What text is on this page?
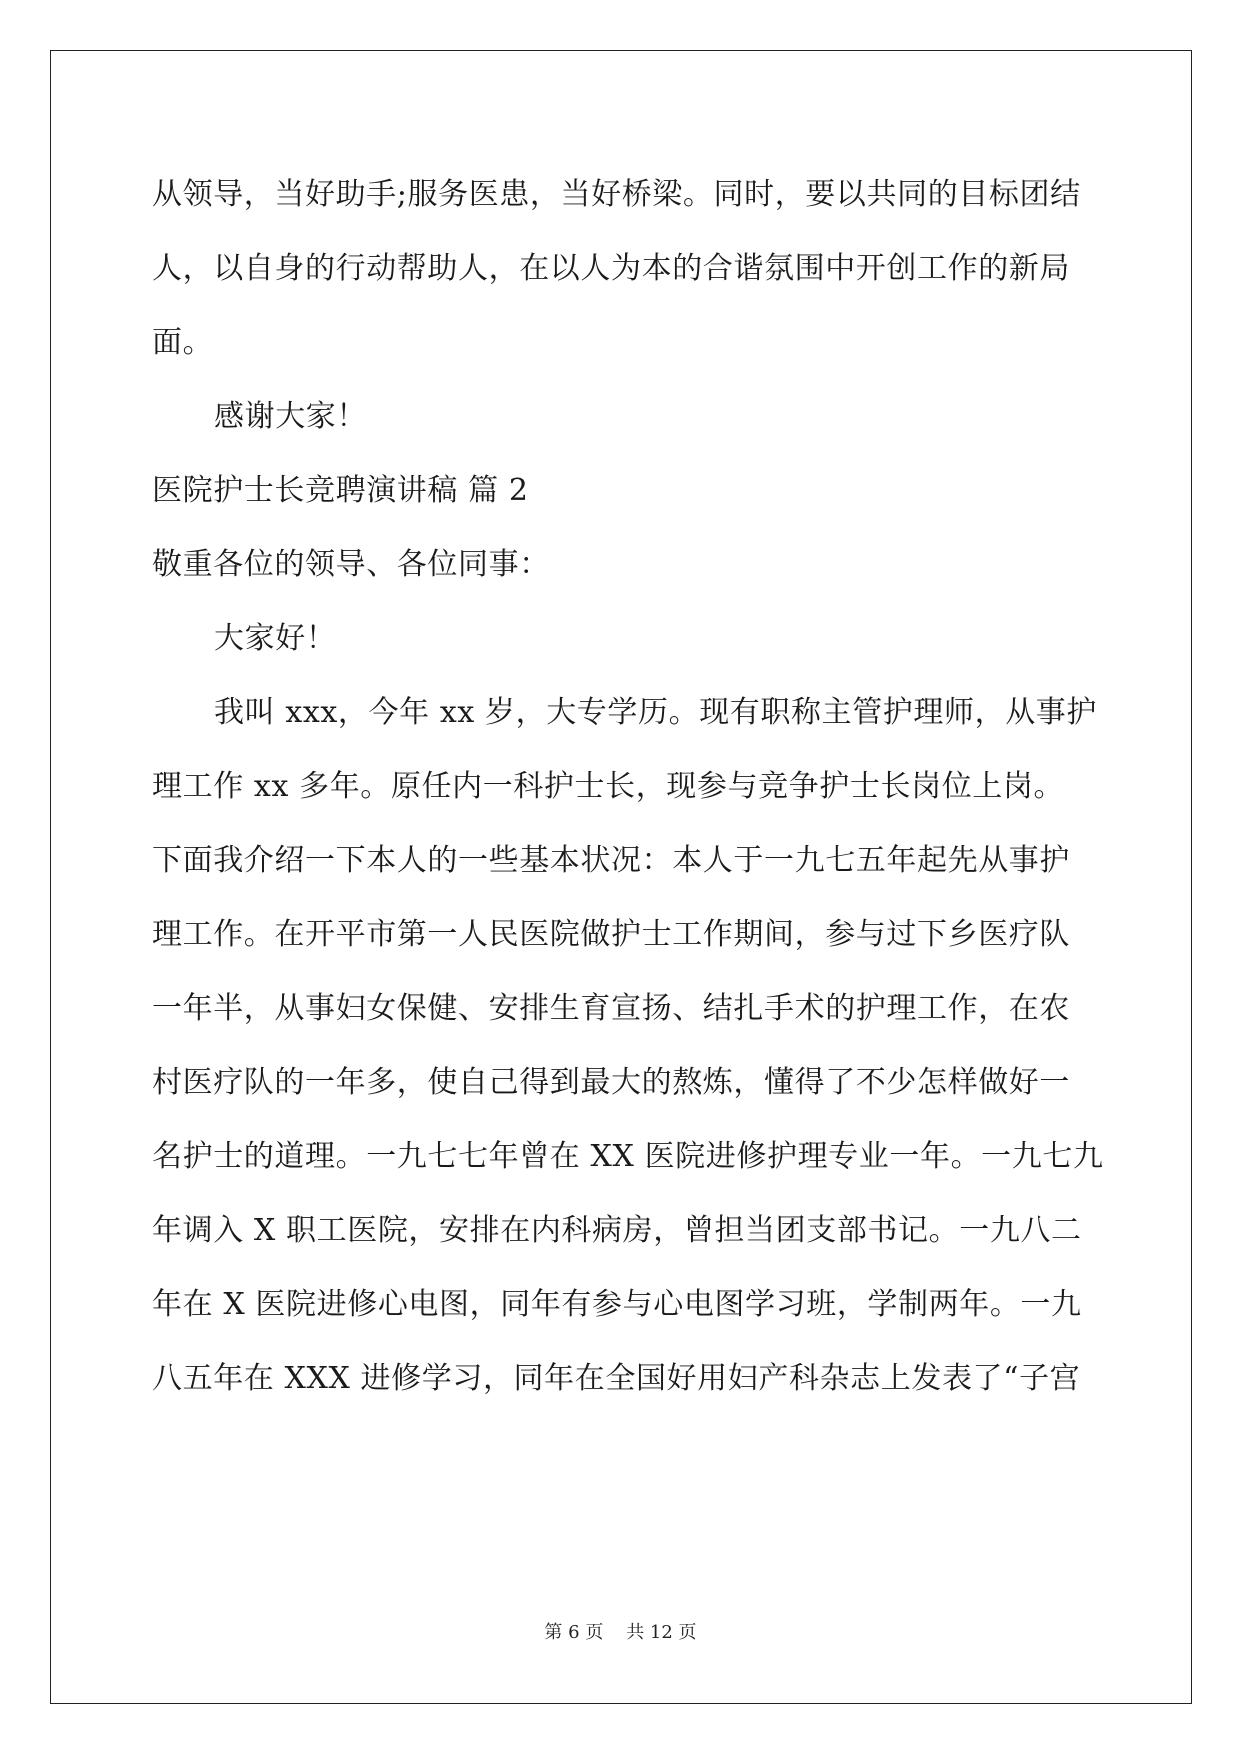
从领导，当好助手;服务医患，当好桥梁。同时，要以共同的目标团结
人，以自身的行动帮助人，在以人为本的合谐氛围中开创工作的新局
面。
感谢大家！
医院护士长竞聘演讲稿 篇 2
敬重各位的领导、各位同事：
大家好！
我叫 xxx，今年 xx 岁，大专学历。现有职称主管护理师，从事护
理工作 xx 多年。原任内一科护士长，现参与竞争护士长岗位上岗。
下面我介绍一下本人的一些基本状况：本人于一九七五年起先从事护
理工作。在开平市第一人民医院做护士工作期间，参与过下乡医疗队
一年半，从事妇女保健、安排生育宣扬、结扎手术的护理工作，在农
村医疗队的一年多，使自己得到最大的熬炼，懂得了不少怎样做好一
名护士的道理。一九七七年曾在 XX 医院进修护理专业一年。一九七九
年调入 X 职工医院，安排在内科病房，曾担当团支部书记。一九八二
年在 X 医院进修心电图，同年有参与心电图学习班，学制两年。一九
八五年在 XXX 进修学习，同年在全国好用妇产科杂志上发表了“子宫
第 6 页    共 12 页
